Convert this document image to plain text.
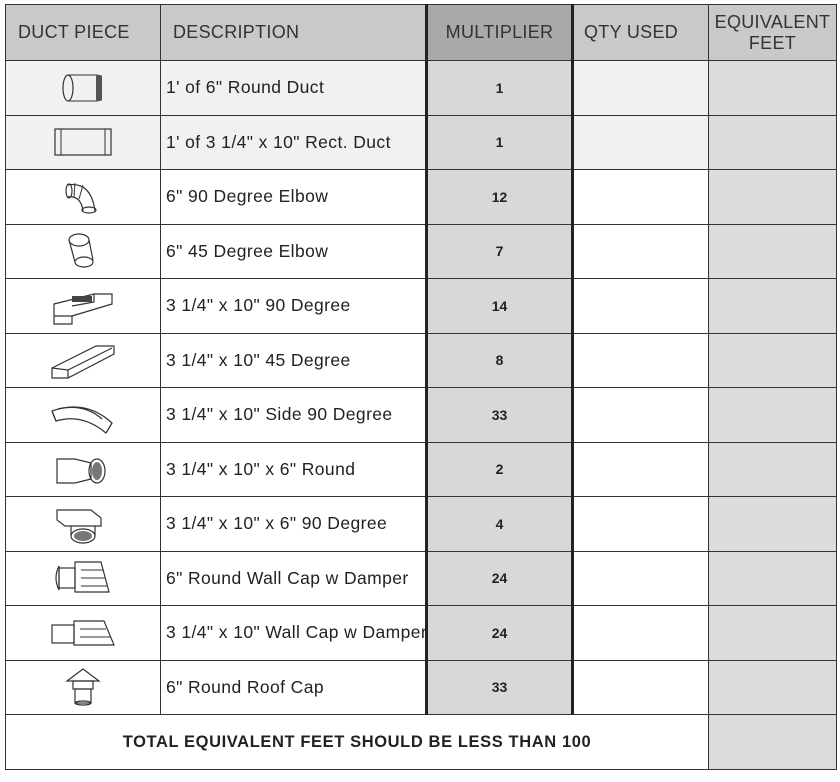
DUCT PIECE	DESCRIPTION	MULTIPLIER	QTY USED	EQUIVALENT
FEET

	1' of 6" Round Duct	1		

	1' of 3 1/4" x 10" Rect. Duct	1		

	6" 90 Degree Elbow	12		

	6" 45 Degree Elbow	7		

	3 1/4" x 10" 90 Degree	14		

	3 1/4" x 10" 45 Degree	8		

	3 1/4" x 10" Side 90 Degree	33		

	3 1/4" x 10" x 6" Round	2		

	3 1/4" x 10" x 6" 90 Degree	4		

	6" Round Wall Cap w Damper	24		

	3 1/4" x 10" Wall Cap w Damper	24		

	6" Round Roof Cap	33		
TOTAL EQUIVALENT FEET SHOULD BE LESS THAN 100				
